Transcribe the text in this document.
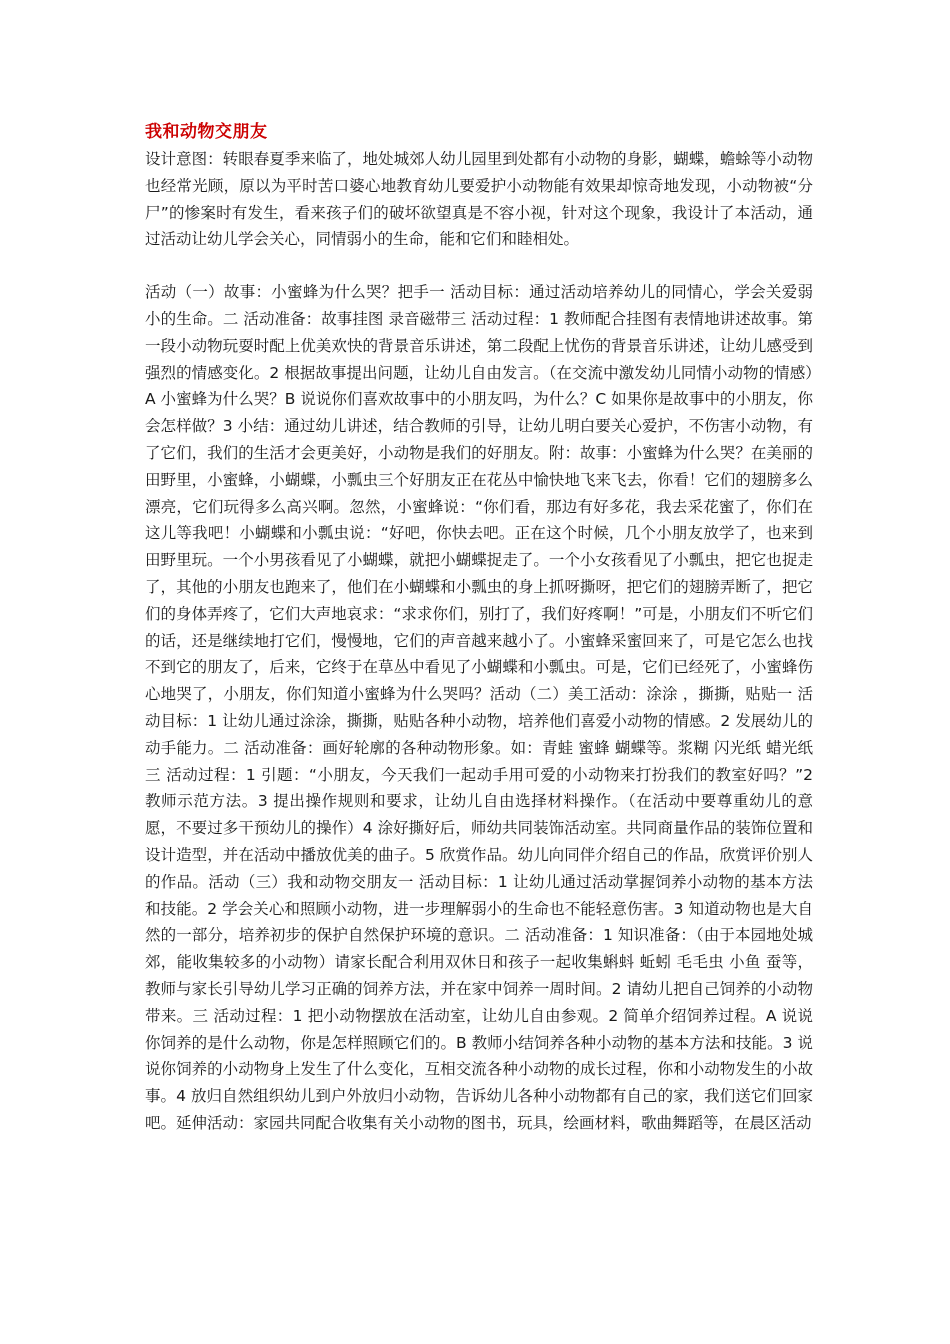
我和动物交朋友

设计意图：转眼春夏季来临了，地处城郊人幼儿园里到处都有小动物的身影，蝴蝶，蟾蜍等小动物也经常光顾，原以为平时苦口婆心地教育幼儿要爱护小动物能有效果却惊奇地发现，小动物被“分尸”的惨案时有发生，看来孩子们的破坏欲望真是不容小视，针对这个现象，我设计了本活动，通过活动让幼儿学会关心，同情弱小的生命，能和它们和睦相处。

活动（一）故事：小蜜蜂为什么哭？把手一 活动目标：通过活动培养幼儿的同情心，学会关爱弱小的生命。二 活动准备：故事挂图 录音磁带三 活动过程：1 教师配合挂图有表情地讲述故事。第一段小动物玩耍时配上优美欢快的背景音乐讲述，第二段配上忧伤的背景音乐讲述，让幼儿感受到强烈的情感变化。2 根据故事提出问题，让幼儿自由发言。（在交流中激发幼儿同情小动物的情感）A 小蜜蜂为什么哭？B 说说你们喜欢故事中的小朋友吗，为什么？C 如果你是故事中的小朋友，你会怎样做？3 小结：通过幼儿讲述，结合教师的引导，让幼儿明白要关心爱护，不伤害小动物，有了它们，我们的生活才会更美好，小动物是我们的好朋友。附：故事：小蜜蜂为什么哭？在美丽的田野里，小蜜蜂，小蝴蝶，小瓢虫三个好朋友正在花丛中愉快地飞来飞去，你看！它们的翅膀多么漂亮，它们玩得多么高兴啊。忽然，小蜜蜂说：“你们看，那边有好多花，我去采花蜜了，你们在这儿等我吧！小蝴蝶和小瓢虫说：“好吧，你快去吧。正在这个时候，几个小朋友放学了，也来到田野里玩。一个小男孩看见了小蝴蝶，就把小蝴蝶捉走了。一个小女孩看见了小瓢虫，把它也捉走了，其他的小朋友也跑来了，他们在小蝴蝶和小瓢虫的身上抓呀撕呀，把它们的翅膀弄断了，把它们的身体弄疼了，它们大声地哀求：“求求你们，别打了，我们好疼啊！”可是，小朋友们不听它们的话，还是继续地打它们，慢慢地，它们的声音越来越小了。小蜜蜂采蜜回来了，可是它怎么也找不到它的朋友了，后来，它终于在草丛中看见了小蝴蝶和小瓢虫。可是，它们已经死了，小蜜蜂伤心地哭了，小朋友，你们知道小蜜蜂为什么哭吗？活动（二）美工活动：涂涂 ，撕撕，贴贴一 活动目标：1 让幼儿通过涂涂，撕撕，贴贴各种小动物，培养他们喜爱小动物的情感。2 发展幼儿的动手能力。二 活动准备：画好轮廓的各种动物形象。如：青蛙 蜜蜂 蝴蝶等。浆糊 闪光纸 蜡光纸三 活动过程：1 引题：“小朋友，今天我们一起动手用可爱的小动物来打扮我们的教室好吗？”2 教师示范方法。3 提出操作规则和要求，让幼儿自由选择材料操作。（在活动中要尊重幼儿的意愿，不要过多干预幼儿的操作）4 涂好撕好后，师幼共同装饰活动室。共同商量作品的装饰位置和设计造型，并在活动中播放优美的曲子。5 欣赏作品。幼儿向同伴介绍自己的作品，欣赏评价别人的作品。活动（三）我和动物交朋友一 活动目标：1 让幼儿通过活动掌握饲养小动物的基本方法和技能。2 学会关心和照顾小动物，进一步理解弱小的生命也不能轻意伤害。3 知道动物也是大自然的一部分，培养初步的保护自然保护环境的意识。二 活动准备：1 知识准备：（由于本园地处城郊，能收集较多的小动物）请家长配合利用双休日和孩子一起收集蝌蚪 蚯蚓 毛毛虫 小鱼 蚕等，教师与家长引导幼儿学习正确的饲养方法，并在家中饲养一周时间。2 请幼儿把自己饲养的小动物带来。三 活动过程：1 把小动物摆放在活动室，让幼儿自由参观。2 简单介绍饲养过程。A 说说你饲养的是什么动物，你是怎样照顾它们的。B 教师小结饲养各种小动物的基本方法和技能。3 说说你饲养的小动物身上发生了什么变化，互相交流各种小动物的成长过程，你和小动物发生的小故事。4 放归自然组织幼儿到户外放归小动物，告诉幼儿各种小动物都有自己的家，我们送它们回家吧。延伸活动：家园共同配合收集有关小动物的图书，玩具，绘画材料，歌曲舞蹈等，在晨区活动
